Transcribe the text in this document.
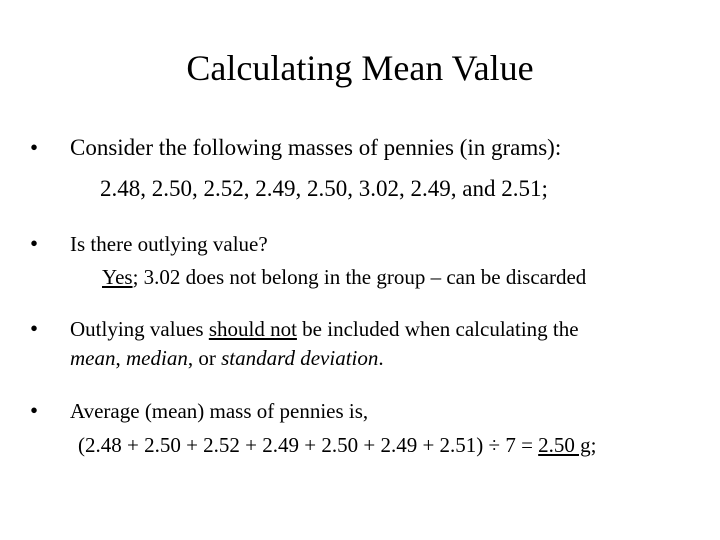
Calculating Mean Value
•	Consider the following masses of pennies (in grams):
2.48, 2.50, 2.52, 2.49, 2.50, 3.02, 2.49, and 2.51;
•	Is there outlying value?
Yes; 3.02 does not belong in the group – can be discarded
•	Outlying values should not be included when calculating the
mean, median, or standard deviation.
•	Average (mean) mass of pennies is,
(2.48 + 2.50 + 2.52 + 2.49 + 2.50 + 2.49 + 2.51) ÷ 7 = 2.50 g;
